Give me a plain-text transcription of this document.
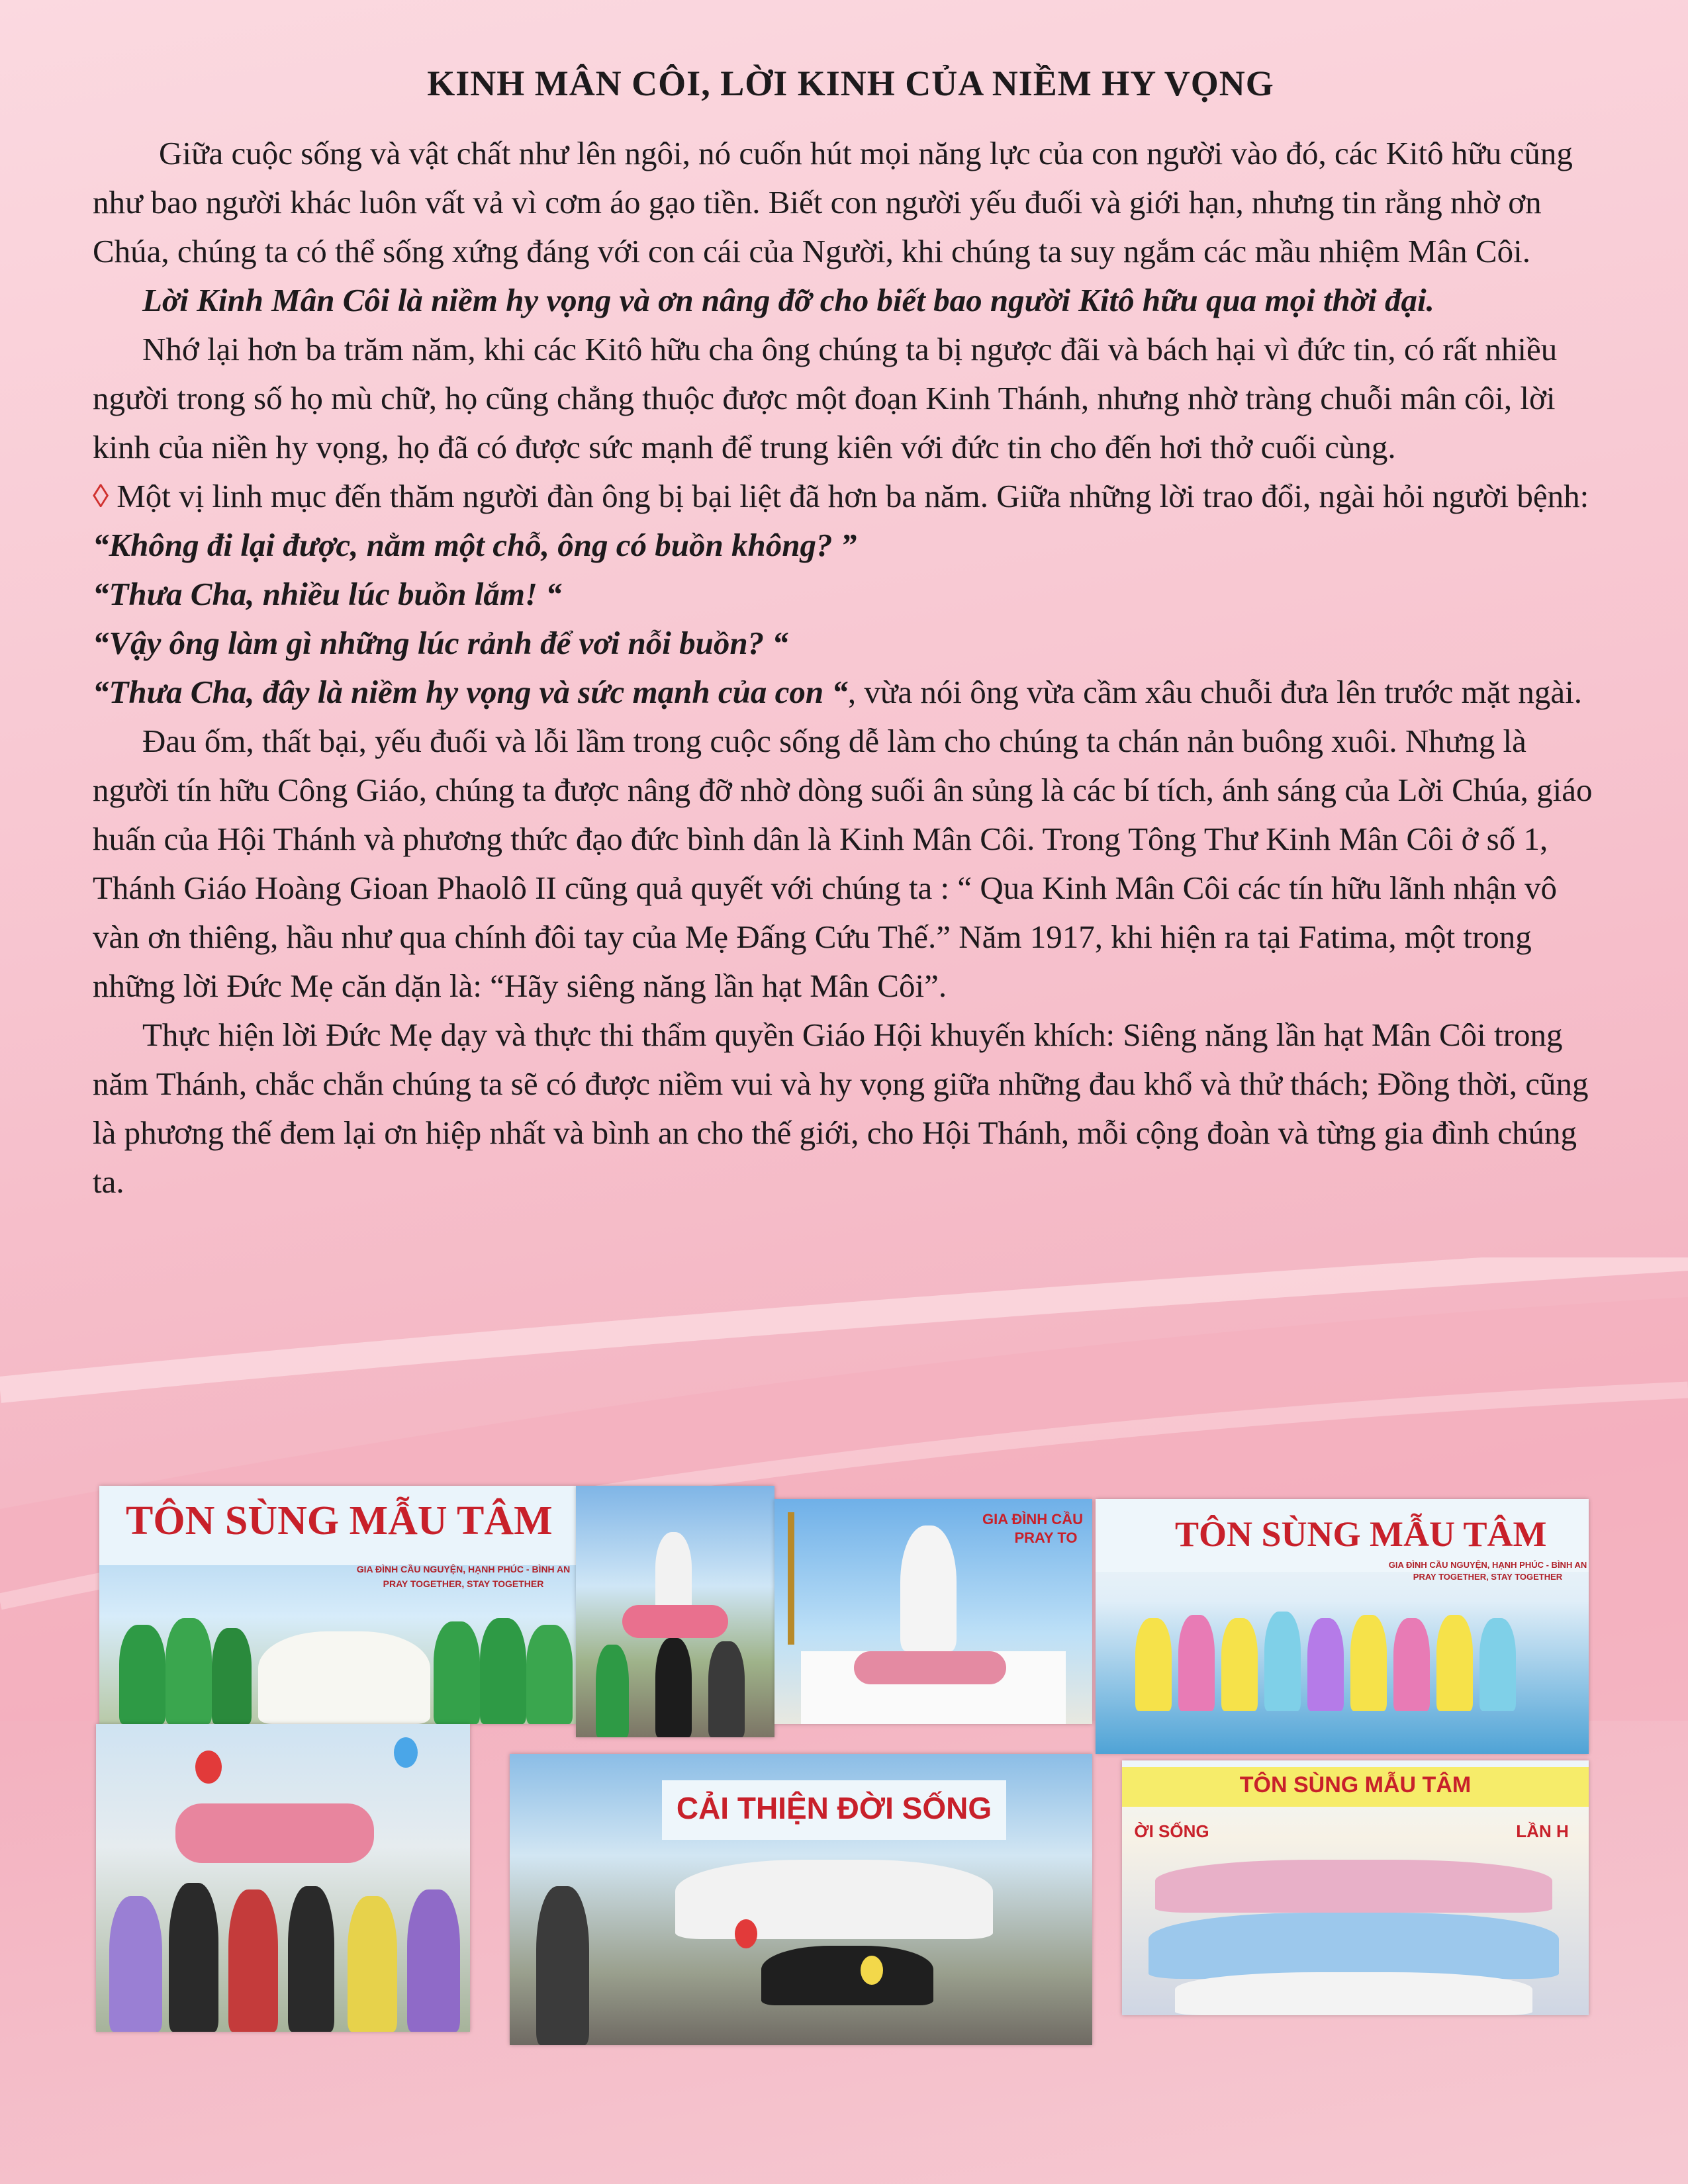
KINH MÂN CÔI, LỜI KINH CỦA NIỀM HY VỌNG

Giữa cuộc sống và vật chất như lên ngôi, nó cuốn hút mọi năng lực của con người vào đó, các Kitô hữu cũng như bao người khác luôn vất vả vì cơm áo gạo tiền. Biết con người yếu đuối và giới hạn, nhưng tin rằng nhờ ơn Chúa, chúng ta có thể sống xứng đáng với con cái của Người, khi chúng ta suy ngắm các mầu nhiệm Mân Côi.

Lời Kinh Mân Côi là niềm hy vọng và ơn nâng đỡ cho biết bao người Kitô hữu qua mọi thời đại.

Nhớ lại hơn ba trăm năm, khi các Kitô hữu cha ông chúng ta bị ngược đãi và bách hại vì đức tin, có rất nhiều người trong số họ mù chữ, họ cũng chẳng thuộc được một đoạn Kinh Thánh, nhưng nhờ tràng chuỗi mân côi, lời kinh của niền hy vọng, họ đã có được sức mạnh để trung kiên với đức tin cho đến hơi thở cuối cùng.

◊ Một vị linh mục đến thăm người đàn ông bị bại liệt đã hơn ba năm. Giữa những lời trao đổi, ngài hỏi người bệnh:

“Không đi lại được, nằm một chỗ, ông có buồn không? ”

“Thưa Cha, nhiều lúc buồn lắm! “

“Vậy ông làm gì những lúc rảnh để vơi nỗi buồn? “

“Thưa Cha, đây là niềm hy vọng và sức mạnh của con “, vừa nói ông vừa cầm xâu chuỗi đưa lên trước mặt ngài.

Đau ốm, thất bại, yếu đuối và lỗi lầm trong cuộc sống dễ làm cho chúng ta chán nản buông xuôi. Nhưng là người tín hữu Công Giáo, chúng ta được nâng đỡ nhờ dòng suối ân sủng là các bí tích, ánh sáng của Lời Chúa, giáo huấn của Hội Thánh và phương thức đạo đức bình dân là Kinh Mân Côi. Trong Tông Thư Kinh Mân Côi ở số 1, Thánh Giáo Hoàng Gioan Phaolô II cũng quả quyết với chúng ta : “ Qua Kinh Mân Côi các tín hữu lãnh nhận vô vàn ơn thiêng, hầu như qua chính đôi tay của Mẹ Đấng Cứu Thế.” Năm 1917, khi hiện ra tại Fatima, một trong những lời Đức Mẹ căn dặn là: “Hãy siêng năng lần hạt Mân Côi”.

Thực hiện lời Đức Mẹ dạy và thực thi thẩm quyền Giáo Hội khuyến khích: Siêng năng lần hạt Mân Côi trong năm Thánh, chắc chắn chúng ta sẽ có được niềm vui và hy vọng giữa những đau khổ và thử thách; Đồng thời, cũng là phương thế đem lại ơn hiệp nhất và bình an cho thế giới, cho Hội Thánh, mỗi cộng đoàn và từng gia đình chúng ta.

TÔN SÙNG MẪU TÂM
GIA ĐÌNH CẦU NGUYỆN, HẠNH PHÚC - BÌNH AN
PRAY TOGETHER, STAY TOGETHER
GIA ĐÌNH CẦU
PRAY TO	TÔN SÙNG MẪU TÂM
GIA ĐÌNH CẦU NGUYỆN, HẠNH PHÚC - BÌNH AN
PRAY TOGETHER, STAY TOGETHER
CẢI THIỆN ĐỜI SỐNG
TÔN SÙNG MẪU TÂM
ỜI SỐNG	LẦN H
